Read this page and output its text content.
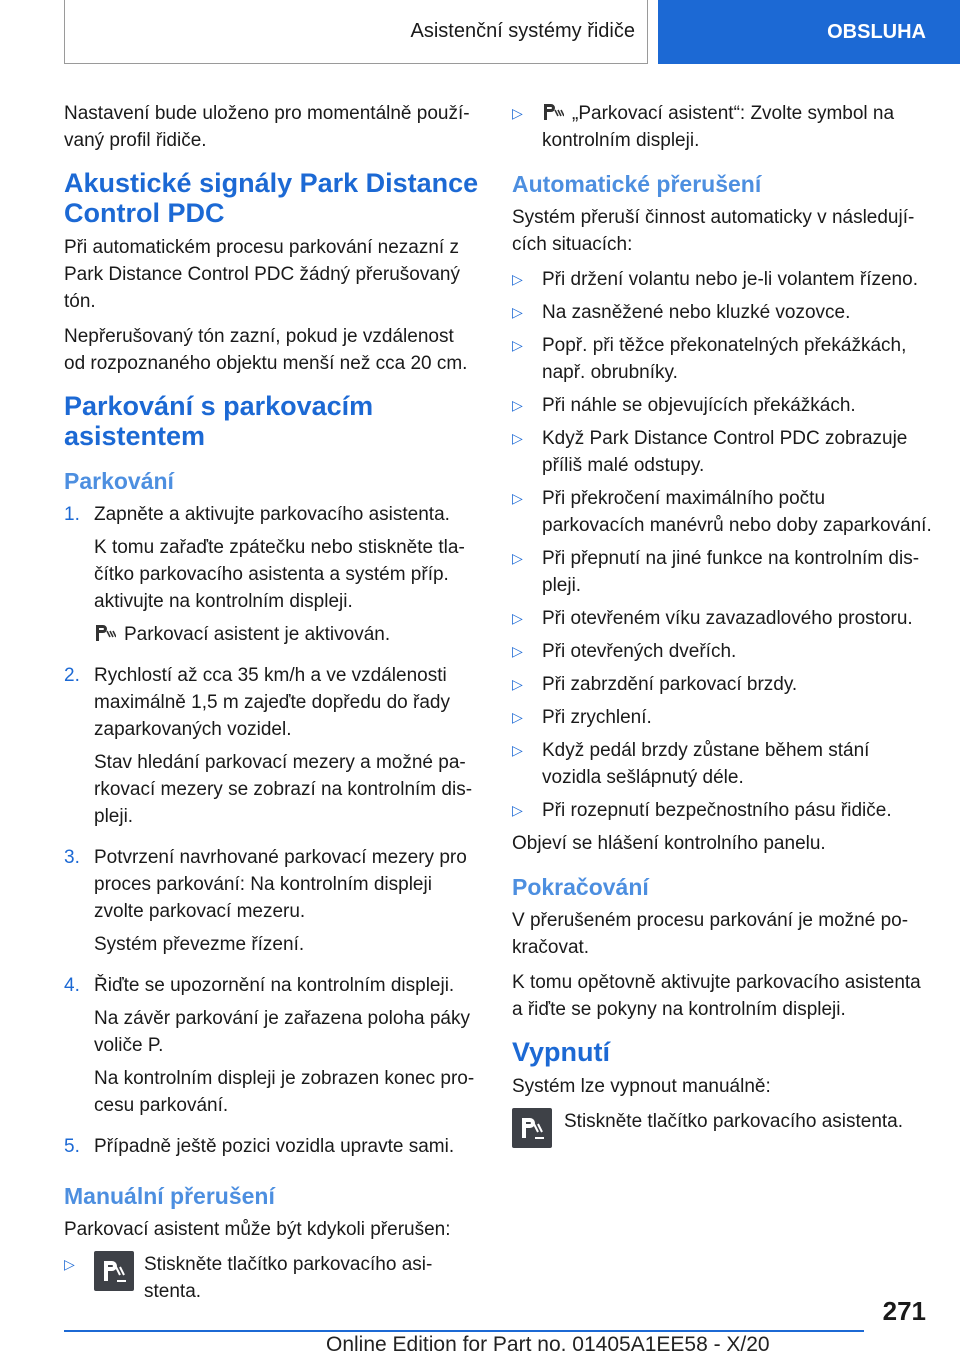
Asistenční systémy řidiče	OBSLUHA

Nastavení bude uloženo pro momentálně používaný profil řidiče.

Akustické signály Park Distance Control PDC

Při automatickém procesu parkování nezazní z Park Distance Control PDC žádný přerušovaný tón.

Nepřerušovaný tón zazní, pokud je vzdálenost od rozpoznaného objektu menší než cca 20 cm.

Parkování s parkovacím asistentem
Parkování
1. Zapněte a aktivujte parkovacího asistenta.

K tomu zařaďte zpátečku nebo stiskněte tlačítko parkovacího asistenta a systém příp. aktivujte na kontrolním displeji.

Parkovací asistent je aktivován.

2. Rychlostí až cca 35 km/h a ve vzdálenosti maximálně 1,5 m zajeďte dopředu do řady zaparkovaných vozidel.

Stav hledání parkovací mezery a možné parkovací mezery se zobrazí na kontrolním displeji.

3. Potvrzení navrhované parkovací mezery pro proces parkování: Na kontrolním displeji zvolte parkovací mezeru.

Systém převezme řízení.

4. Řiďte se upozornění na kontrolním displeji.

Na závěr parkování je zařazena poloha páky voliče P.

Na kontrolním displeji je zobrazen konec procesu parkování.

5. Případně ještě pozici vozidla upravte sami.

Manuální přerušení

Parkovací asistent může být kdykoli přerušen:

▷	Stiskněte tlačítko parkovacího asistenta.
▷	„Parkovací asistent“: Zvolte symbol na kontrolním displeji.
Automatické přerušení

Systém přeruší činnost automaticky v následujících situacích:

▷	Při držení volantu nebo je-li volantem řízeno.
▷	Na zasněžené nebo kluzké vozovce.
▷	Popř. při těžce překonatelných překážkách, např. obrubníky.
▷	Při náhle se objevujících překážkách.
▷	Když Park Distance Control PDC zobrazuje příliš malé odstupy.
▷	Při překročení maximálního počtu parkovacích manévrů nebo doby zaparkování.
▷	Při přepnutí na jiné funkce na kontrolním displeji.
▷	Při otevřeném víku zavazadlového prostoru.
▷	Při otevřených dveřích.
▷	Při zabrzdění parkovací brzdy.
▷	Při zrychlení.
▷	Když pedál brzdy zůstane během stání vozidla sešlápnutý déle.
▷	Při rozepnutí bezpečnostního pásu řidiče.

Objeví se hlášení kontrolního panelu.

Pokračování

V přerušeném procesu parkování je možné pokračovat.

K tomu opětovně aktivujte parkovacího asistenta a řiďte se pokyny na kontrolním displeji.

Vypnutí

Systém lze vypnout manuálně:

Stiskněte tlačítko parkovacího asistenta.
271
Online Edition for Part no. 01405A1EE58 - X/20
